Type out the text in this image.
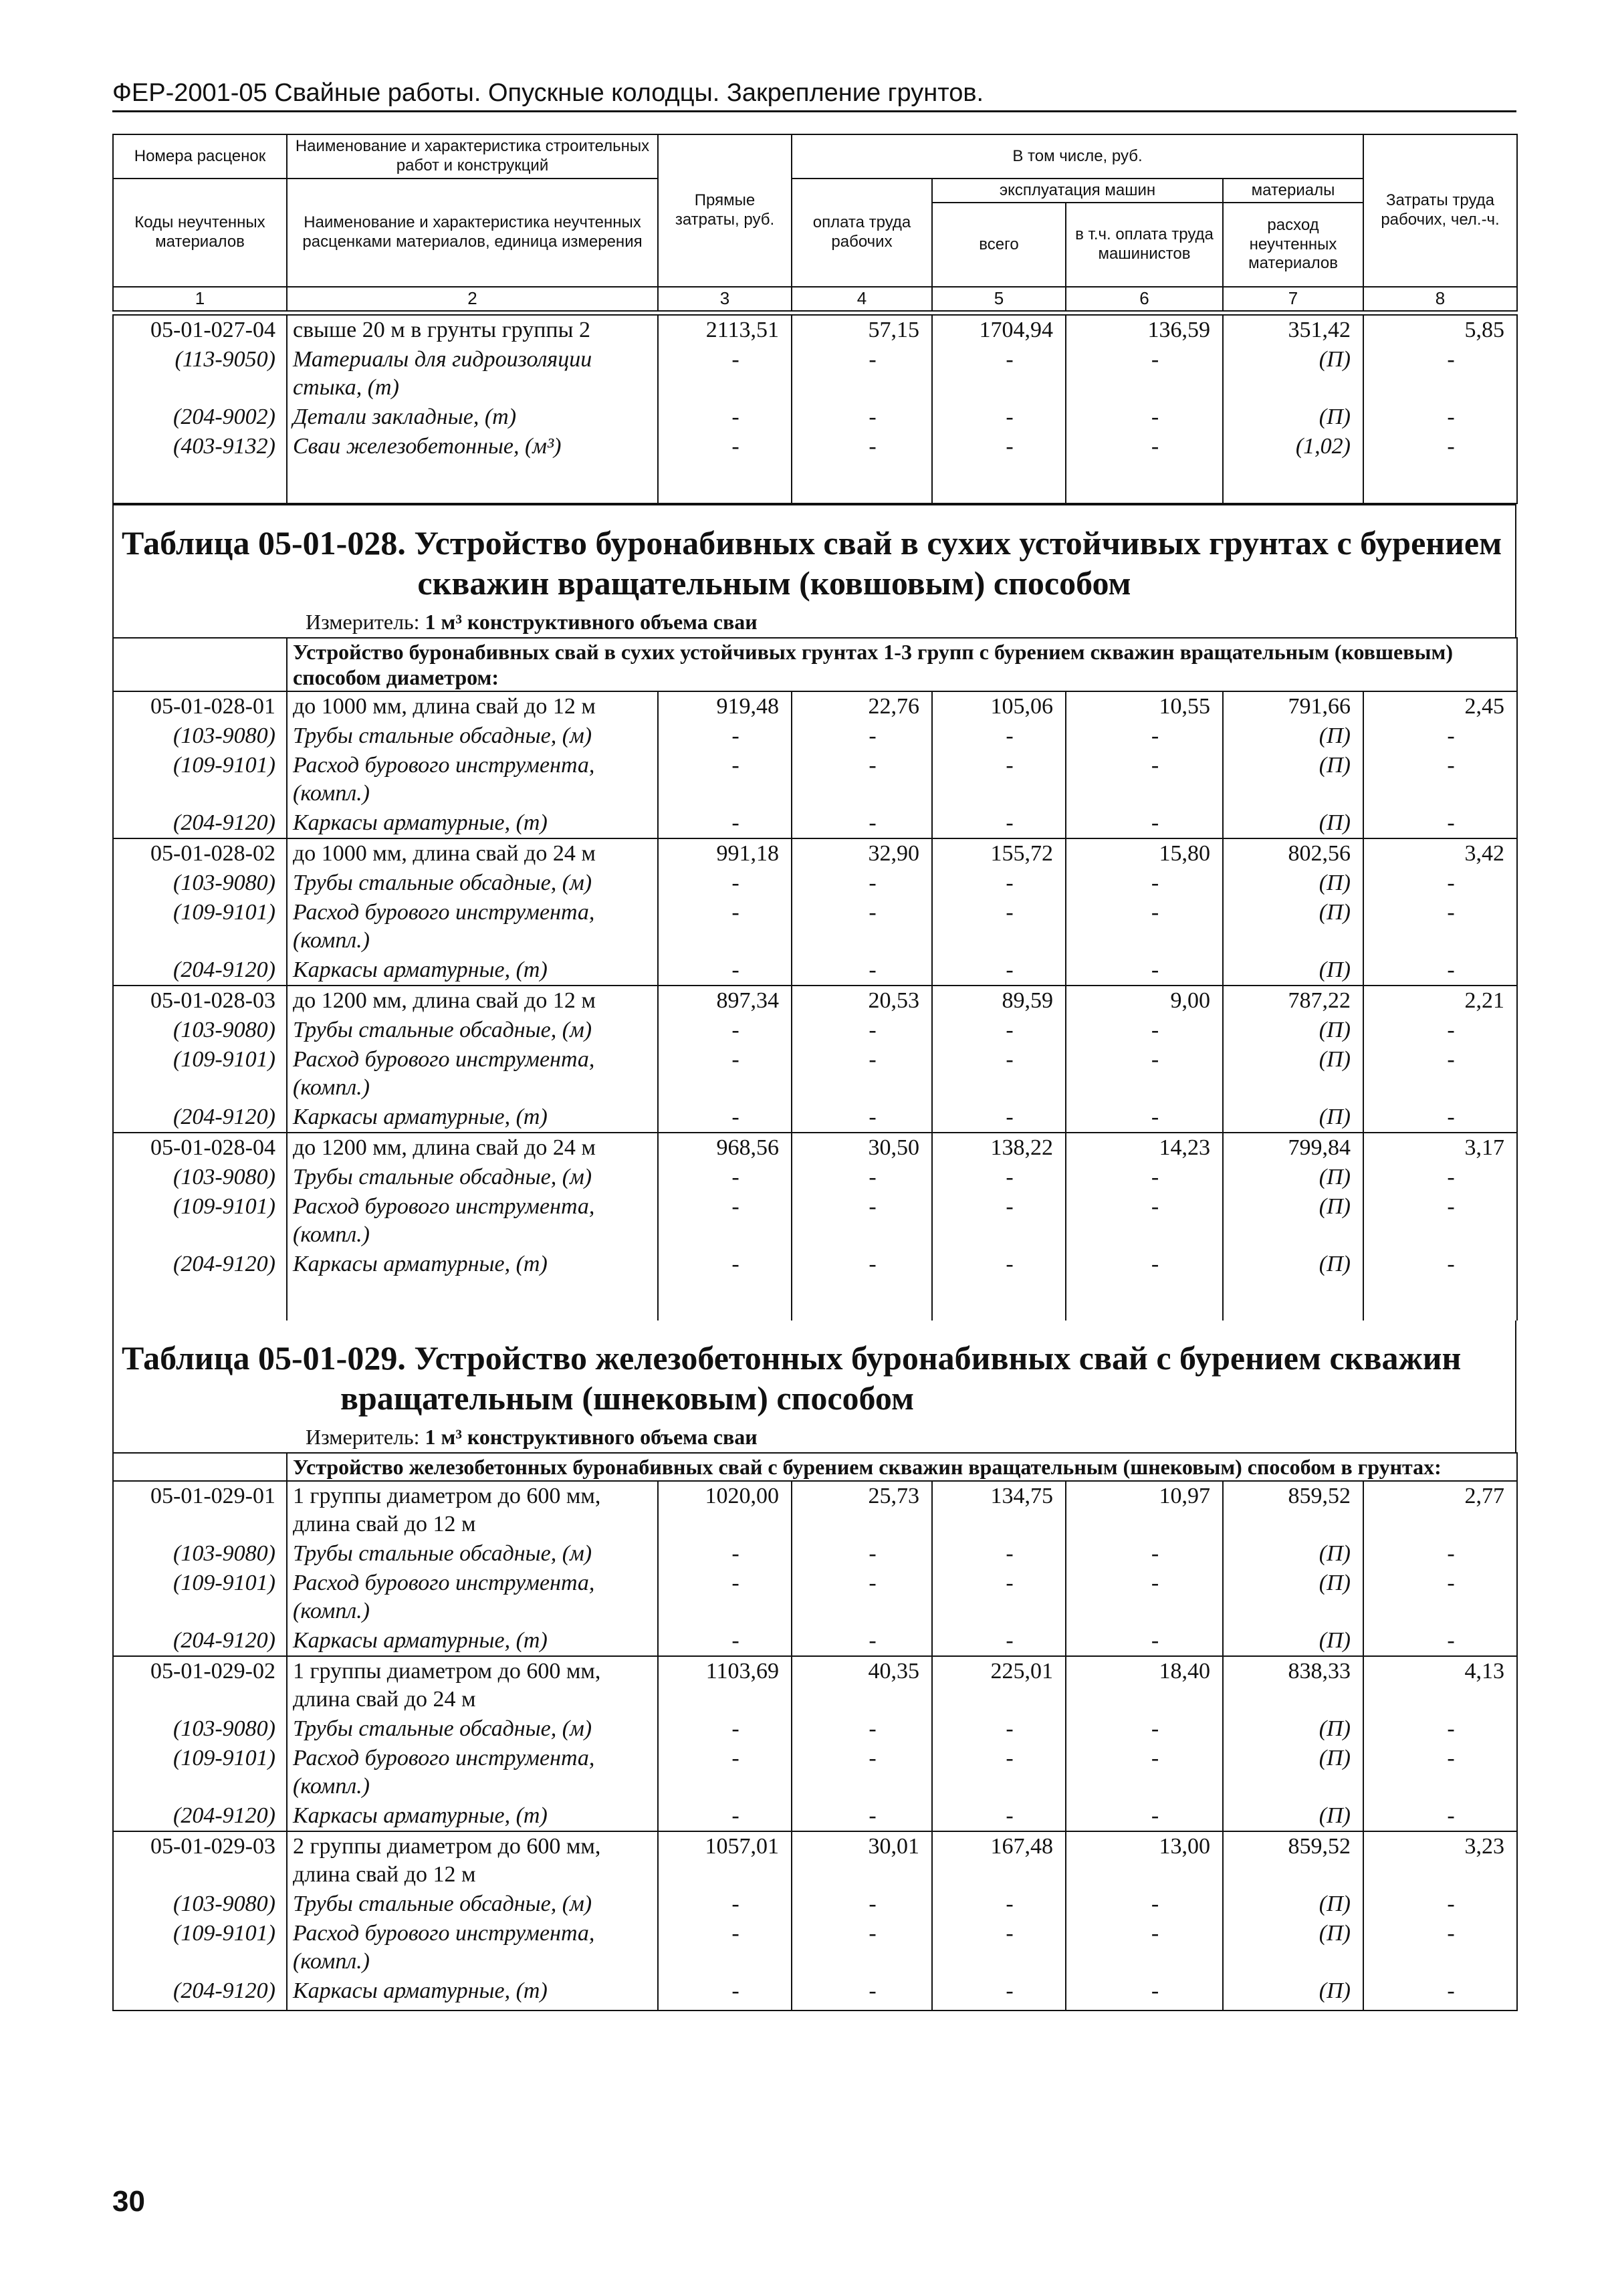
ФЕР-2001-05 Свайные работы. Опускные колодцы. Закрепление грунтов.
Номера расценок	Наименование и характеристика строительных работ и конструкций	Прямые затраты, руб.	В том числе, руб.				Затраты труда рабочих, чел.-ч.
Коды неучтенных материалов	Наименование и характеристика неучтенных расценками материалов, единица измерения		оплата труда рабочих	эксплуатация машин		материалы	
				всего	в т.ч. оплата труда машинистов	расход неучтенных материалов	
1	2	3	4	5	6	7	8
05-01-027-04	свыше 20 м в грунты группы 2	2113,51	57,15	1704,94	136,59	351,42	5,85
(113-9050)	Материалы для гидроизоляции стыка, (т)	-	-	-	-	(П)	-
(204-9002)	Детали закладные, (т)	-	-	-	-	(П)	-
(403-9132)	Сваи железобетонные, (м³)	-	-	-	-	(1,02)	-

Таблица 05-01-028. Устройство буронабивных свай в сухих устойчивых грунтах с бурением
скважин вращательным (ковшовым) способом
Измеритель: 1 м³ конструктивного объема сваи
	Устройство буронабивных свай в сухих устойчивых грунтах 1-3 групп с бурением скважин вращательным (ковшевым) способом диаметром:						
05-01-028-01	до 1000 мм, длина свай до 12 м	919,48	22,76	105,06	10,55	791,66	2,45
(103-9080)	Трубы стальные обсадные, (м)	-	-	-	-	(П)	-
(109-9101)	Расход бурового инструмента, (компл.)	-	-	-	-	(П)	-
(204-9120)	Каркасы арматурные, (т)	-	-	-	-	(П)	-
05-01-028-02	до 1000 мм, длина свай до 24 м	991,18	32,90	155,72	15,80	802,56	3,42
(103-9080)	Трубы стальные обсадные, (м)	-	-	-	-	(П)	-
(109-9101)	Расход бурового инструмента, (компл.)	-	-	-	-	(П)	-
(204-9120)	Каркасы арматурные, (т)	-	-	-	-	(П)	-
05-01-028-03	до 1200 мм, длина свай до 12 м	897,34	20,53	89,59	9,00	787,22	2,21
(103-9080)	Трубы стальные обсадные, (м)	-	-	-	-	(П)	-
(109-9101)	Расход бурового инструмента, (компл.)	-	-	-	-	(П)	-
(204-9120)	Каркасы арматурные, (т)	-	-	-	-	(П)	-
05-01-028-04	до 1200 мм, длина свай до 24 м	968,56	30,50	138,22	14,23	799,84	3,17
(103-9080)	Трубы стальные обсадные, (м)	-	-	-	-	(П)	-
(109-9101)	Расход бурового инструмента, (компл.)	-	-	-	-	(П)	-
(204-9120)	Каркасы арматурные, (т)	-	-	-	-	(П)	-

Таблица 05-01-029. Устройство железобетонных буронабивных свай с бурением скважин
вращательным (шнековым) способом
Измеритель: 1 м³ конструктивного объема сваи
	Устройство железобетонных буронабивных свай с бурением скважин вращательным (шнековым) способом в грунтах:						
05-01-029-01	1 группы диаметром до 600 мм, длина свай до 12 м	1020,00	25,73	134,75	10,97	859,52	2,77
(103-9080)	Трубы стальные обсадные, (м)	-	-	-	-	(П)	-
(109-9101)	Расход бурового инструмента, (компл.)	-	-	-	-	(П)	-
(204-9120)	Каркасы арматурные, (т)	-	-	-	-	(П)	-
05-01-029-02	1 группы диаметром до 600 мм, длина свай до 24 м	1103,69	40,35	225,01	18,40	838,33	4,13
(103-9080)	Трубы стальные обсадные, (м)	-	-	-	-	(П)	-
(109-9101)	Расход бурового инструмента, (компл.)	-	-	-	-	(П)	-
(204-9120)	Каркасы арматурные, (т)	-	-	-	-	(П)	-
05-01-029-03	2 группы диаметром до 600 мм, длина свай до 12 м	1057,01	30,01	167,48	13,00	859,52	3,23
(103-9080)	Трубы стальные обсадные, (м)	-	-	-	-	(П)	-
(109-9101)	Расход бурового инструмента, (компл.)	-	-	-	-	(П)	-
(204-9120)	Каркасы арматурные, (т)	-	-	-	-	(П)	-

30
